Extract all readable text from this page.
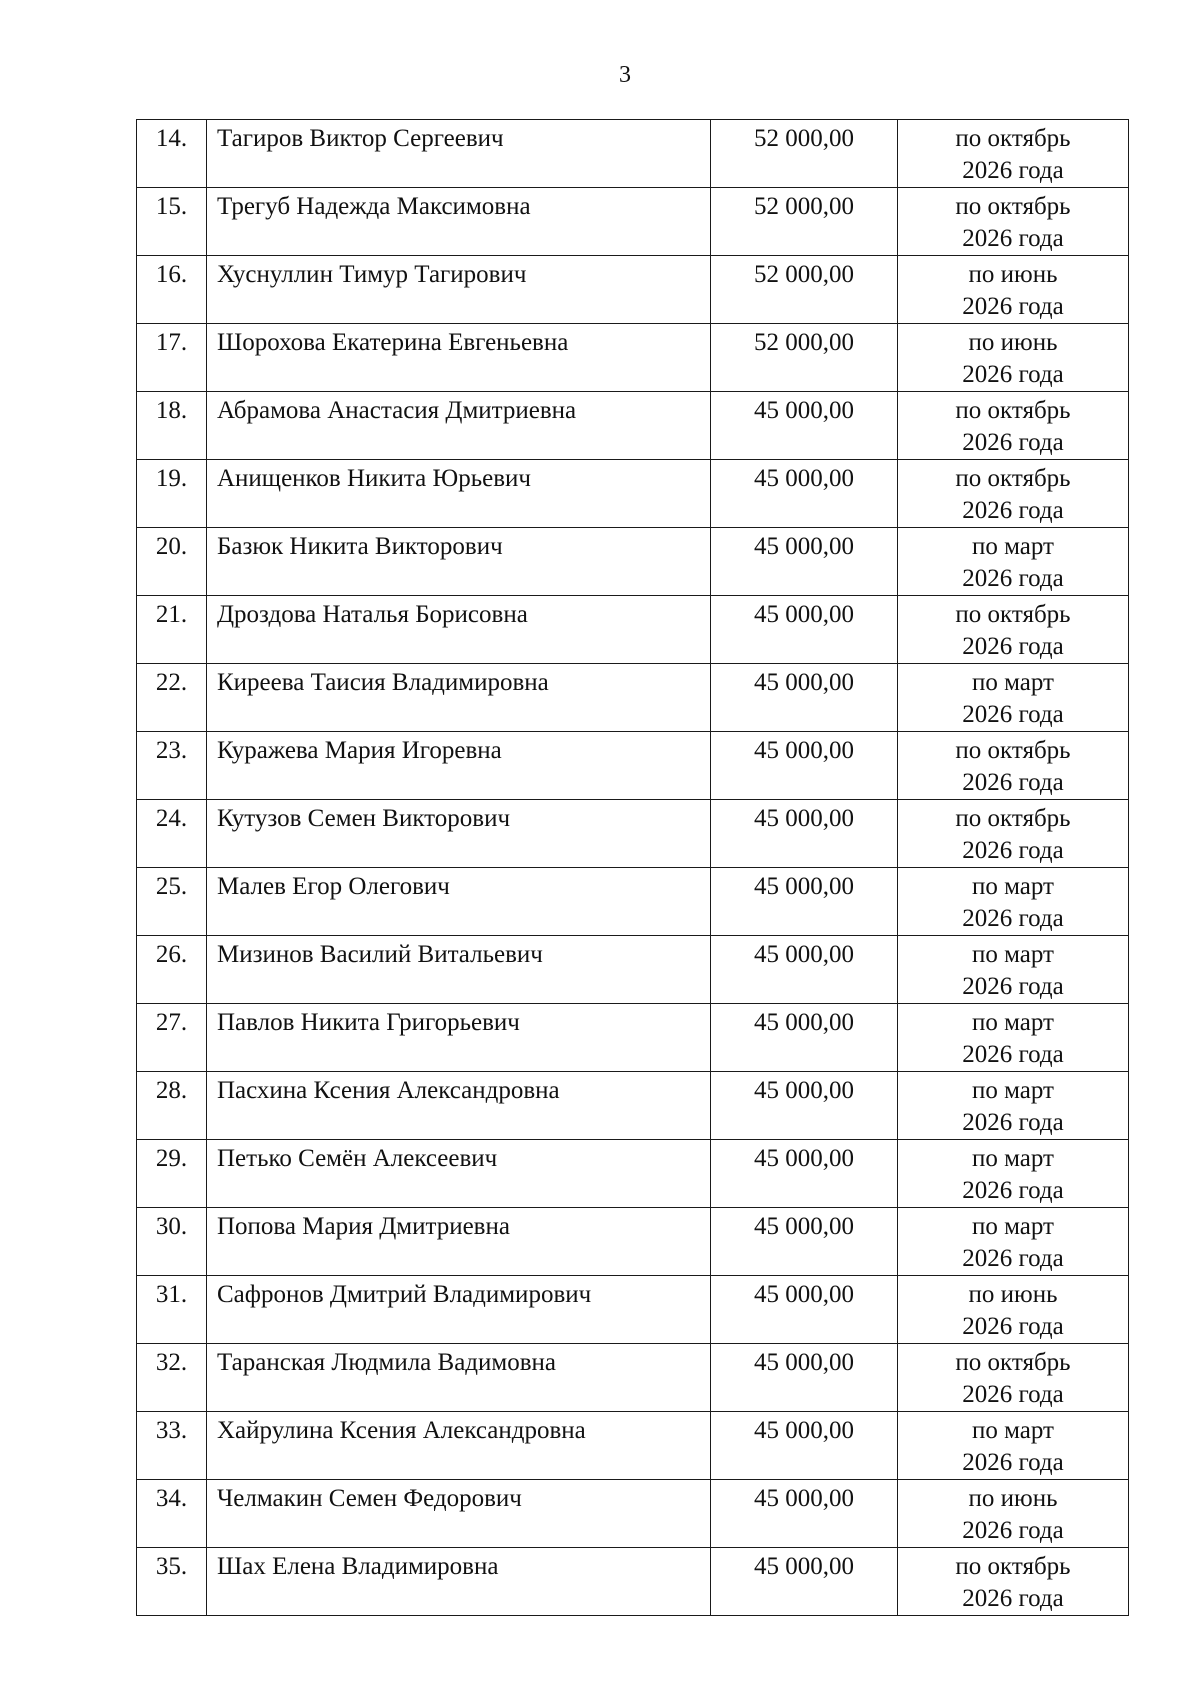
3
14.	Тагиров Виктор Сергеевич	52 000,00	по октябрь
2026 года

15.	Трегуб Надежда Максимовна	52 000,00	по октябрь
2026 года

16.	Хуснуллин Тимур Тагирович	52 000,00	по июнь
2026 года

17.	Шорохова Екатерина Евгеньевна	52 000,00	по июнь
2026 года

18.	Абрамова Анастасия Дмитриевна	45 000,00	по октябрь
2026 года

19.	Анищенков Никита Юрьевич	45 000,00	по октябрь
2026 года

20.	Базюк Никита Викторович	45 000,00	по март
2026 года

21.	Дроздова Наталья Борисовна	45 000,00	по октябрь
2026 года

22.	Киреева Таисия Владимировна	45 000,00	по март
2026 года

23.	Куражева Мария Игоревна	45 000,00	по октябрь
2026 года

24.	Кутузов Семен Викторович	45 000,00	по октябрь
2026 года

25.	Малев Егор Олегович	45 000,00	по март
2026 года

26.	Мизинов Василий Витальевич	45 000,00	по март
2026 года

27.	Павлов Никита Григорьевич	45 000,00	по март
2026 года

28.	Пасхина Ксения Александровна	45 000,00	по март
2026 года

29.	Петько Семён Алексеевич	45 000,00	по март
2026 года

30.	Попова Мария Дмитриевна	45 000,00	по март
2026 года

31.	Сафронов Дмитрий Владимирович	45 000,00	по июнь
2026 года

32.	Таранская Людмила Вадимовна	45 000,00	по октябрь
2026 года

33.	Хайрулина Ксения Александровна	45 000,00	по март
2026 года

34.	Челмакин Семен Федорович	45 000,00	по июнь
2026 года

35.	Шах Елена Владимировна	45 000,00	по октябрь
2026 года
